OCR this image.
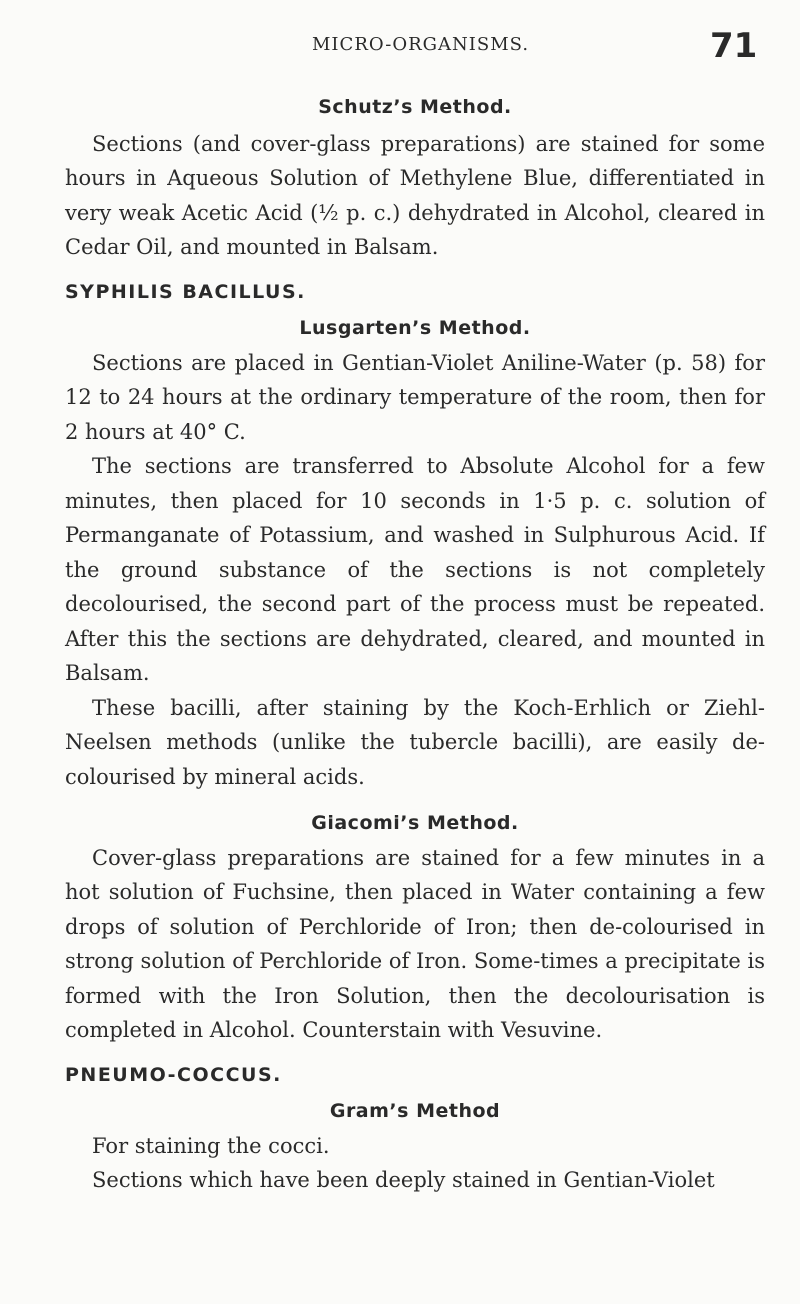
MICRO-ORGANISMS.	71
Schutz’s Method.

Sections (and cover-glass preparations) are stained for some hours in Aqueous Solution of Methylene Blue, differentiated in very weak Acetic Acid (½ p. c.) dehydrated in Alcohol, cleared in Cedar Oil, and mounted in Balsam.

SYPHILIS BACILLUS.
Lusgarten’s Method.

Sections are placed in Gentian-Violet Aniline-Water (p. 58) for 12 to 24 hours at the ordinary temperature of the room, then for 2 hours at 40° C.

The sections are transferred to Absolute Alcohol for a few minutes, then placed for 10 seconds in 1·5 p. c. solution of Permanganate of Potassium, and washed in Sulphurous Acid. If the ground substance of the sections is not completely decolourised, the second part of the process must be repeated. After this the sections are dehydrated, cleared, and mounted in Balsam.

These bacilli, after staining by the Koch-Erhlich or Ziehl-Neelsen methods (unlike the tubercle bacilli), are easily de-colourised by mineral acids.

Giacomi’s Method.

Cover-glass preparations are stained for a few minutes in a hot solution of Fuchsine, then placed in Water containing a few drops of solution of Perchloride of Iron; then de-colourised in strong solution of Perchloride of Iron. Some-times a precipitate is formed with the Iron Solution, then the decolourisation is completed in Alcohol. Counterstain with Vesuvine.

PNEUMO-COCCUS.
Gram’s Method

For staining the cocci.

Sections which have been deeply stained in Gentian-Violet
